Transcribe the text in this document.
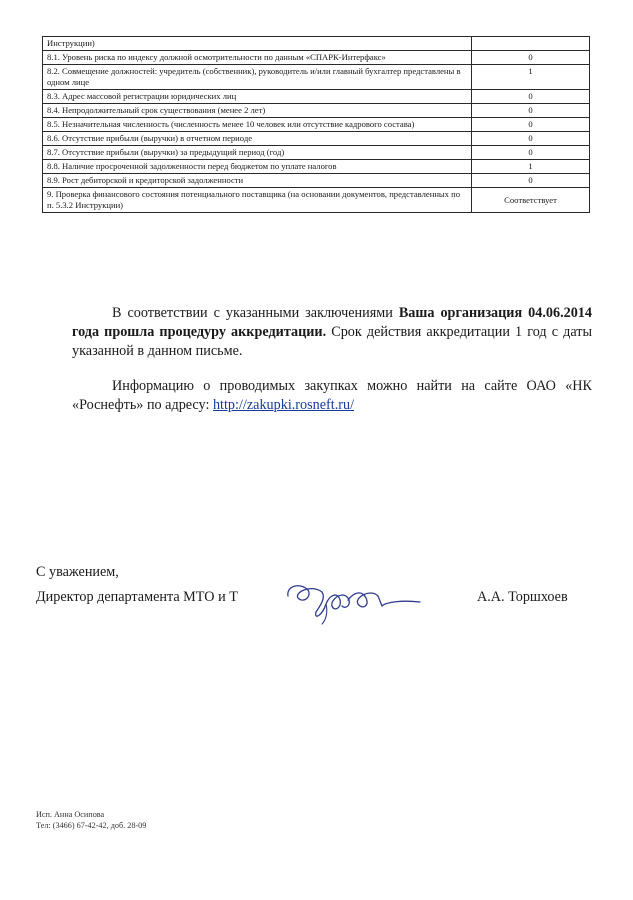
Инструкции)	
8.1. Уровень риска по индексу должной осмотрительности по данным «СПАРК-Интерфакс»	0
8.2. Совмещение должностей: учредитель (собственник), руководитель и/или главный бухгалтер представлены в одном лице	1
8.3. Адрес массовой регистрации юридических лиц	0
8.4. Непродолжительный срок существования (менее 2 лет)	0
8.5. Незначительная численность (численность менее 10 человек или отсутствие кадрового состава)	0
8.6. Отсутствие прибыли (выручки) в отчетном периоде	0
8.7. Отсутствие прибыли (выручки) за предыдущий период (год)	0
8.8. Наличие просроченной задолженности перед бюджетом по уплате налогов	1
8.9. Рост дебиторской и кредиторской задолженности	0
9. Проверка финансового состояния потенциального поставщика (на основании документов, представленных по п. 5.3.2 Инструкции)	Соответствует

В соответствии с указанными заключениями Ваша организация 04.06.2014 года прошла процедуру аккредитации. Срок действия аккредитации 1 год с даты указанной в данном письме.

Информацию о проводимых закупках можно найти на сайте ОАО «НК «Роснефть» по адресу: http://zakupki.rosneft.ru/

С уважением,
Директор департамента МТО и Т	А.А. Торшхоев
Исп. Анна Осипова
Тел: (3466) 67-42-42, доб. 28-09
